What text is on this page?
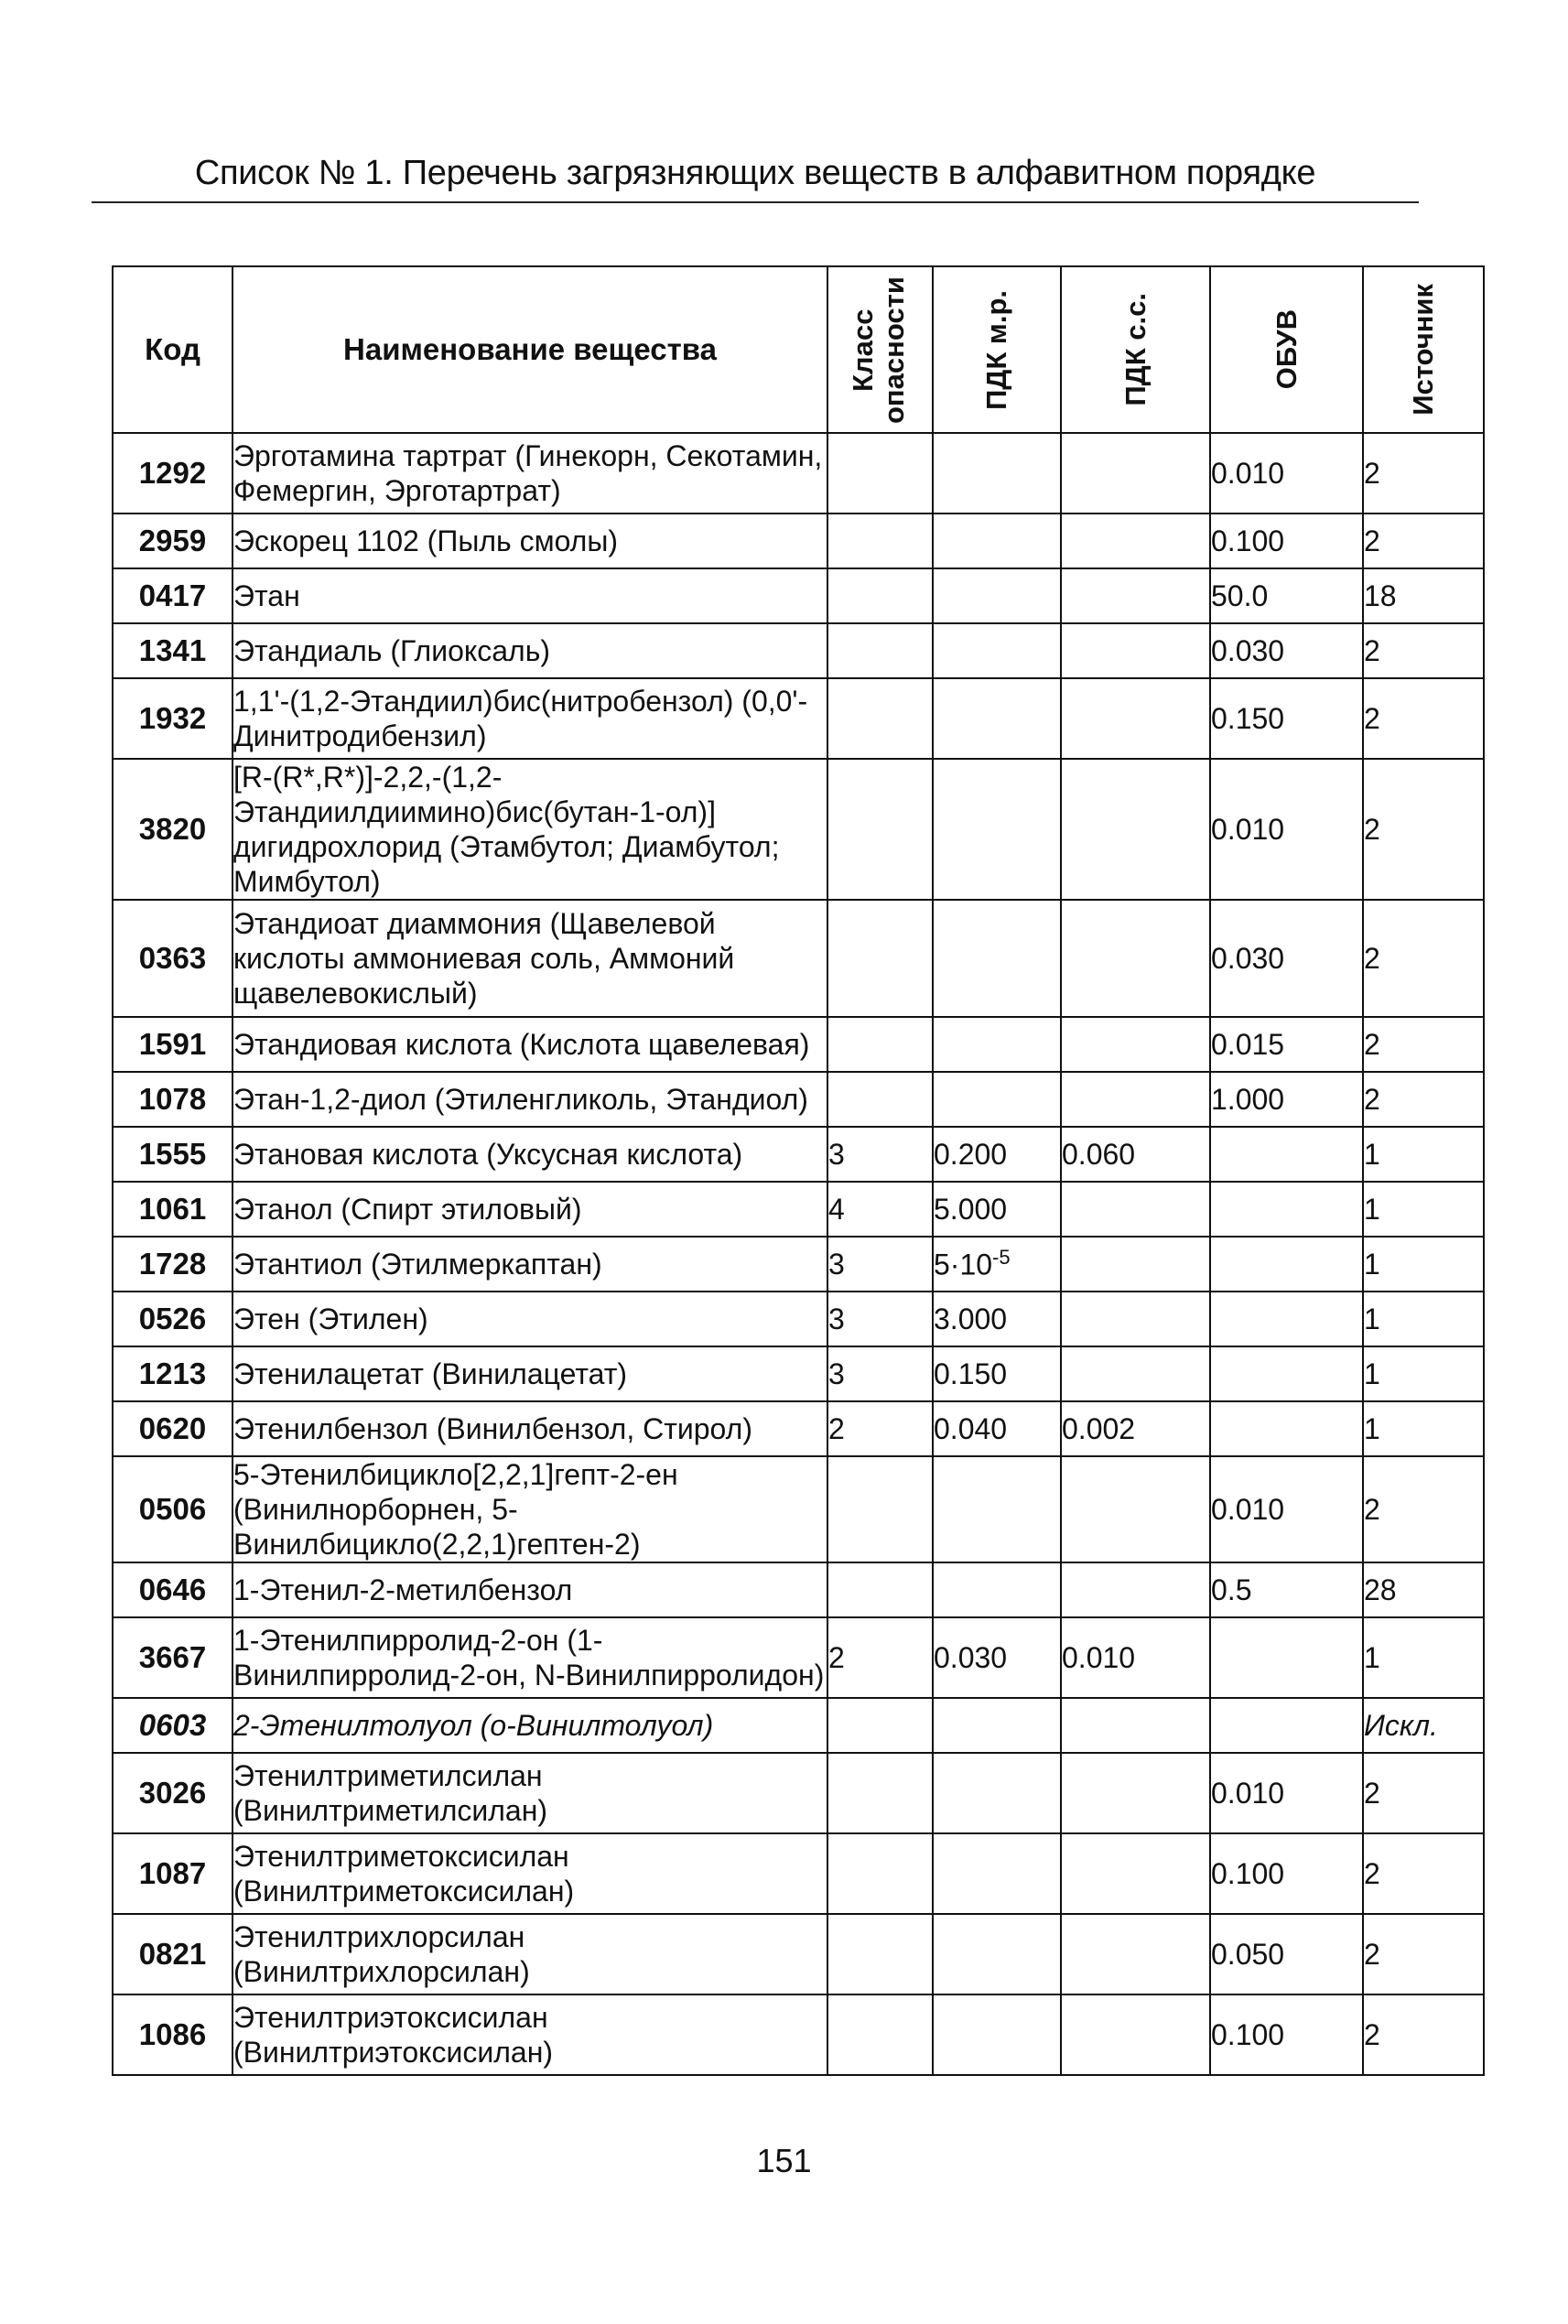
Список № 1. Перечень загрязняющих веществ в алфавитном порядке
Код	Наименование вещества	Класс опасности	ПДК м.р.	ПДК с.с.	ОБУВ	Источник

1292	Эрготамина тартрат (Гинекорн, Секотамин, Фемергин, Эрготартрат)				0.010	2
2959	Эскорец 1102 (Пыль смолы)				0.100	2
0417	Этан				50.0	18
1341	Этандиаль (Глиоксаль)				0.030	2
1932	1,1'-(1,2-Этандиил)бис(нитробензол) (0,0'-Динитродибензил)				0.150	2
3820	[R-(R*,R*)]-2,2,-(1,2-Этандиилдиимино)бис(бутан-1-ол)] дигидрохлорид (Этамбутол; Диамбутол; Мимбутол)				0.010	2
0363	Этандиоат диаммония (Щавелевой кислоты аммониевая соль, Аммоний щавелевокислый)				0.030	2
1591	Этандиовая кислота (Кислота щавелевая)				0.015	2
1078	Этан-1,2-диол (Этиленгликоль, Этандиол)				1.000	2
1555	Этановая кислота (Уксусная кислота)	3	0.200	0.060		1
1061	Этанол (Спирт этиловый)	4	5.000			1
1728	Этантиол (Этилмеркаптан)	3	$5\cdot 10^{-5}$			1
0526	Этен (Этилен)	3	3.000			1
1213	Этенилацетат (Винилацетат)	3	0.150			1
0620	Этенилбензол (Винилбензол, Стирол)	2	0.040	0.002		1
0506	5-Этенилбицикло[2,2,1]гепт-2-ен (Винилнорборнен, 5-Винилбицикло(2,2,1)гептен-2)				0.010	2
0646	1-Этенил-2-метилбензол				0.5	28
3667	1-Этенилпирролид-2-он (1-Винилпирролид-2-он, N-Винилпирролидон)	2	0.030	0.010		1
0603	2-Этенилтолуол (о-Винилтолуол)					Искл.
3026	Этенилтриметилсилан (Винилтриметилсилан)				0.010	2
1087	Этенилтриметоксисилан (Винилтриметоксисилан)				0.100	2
0821	Этенилтрихлорсилан (Винилтрихлорсилан)				0.050	2
1086	Этенилтриэтоксисилан (Винилтриэтоксисилан)				0.100	2
151
